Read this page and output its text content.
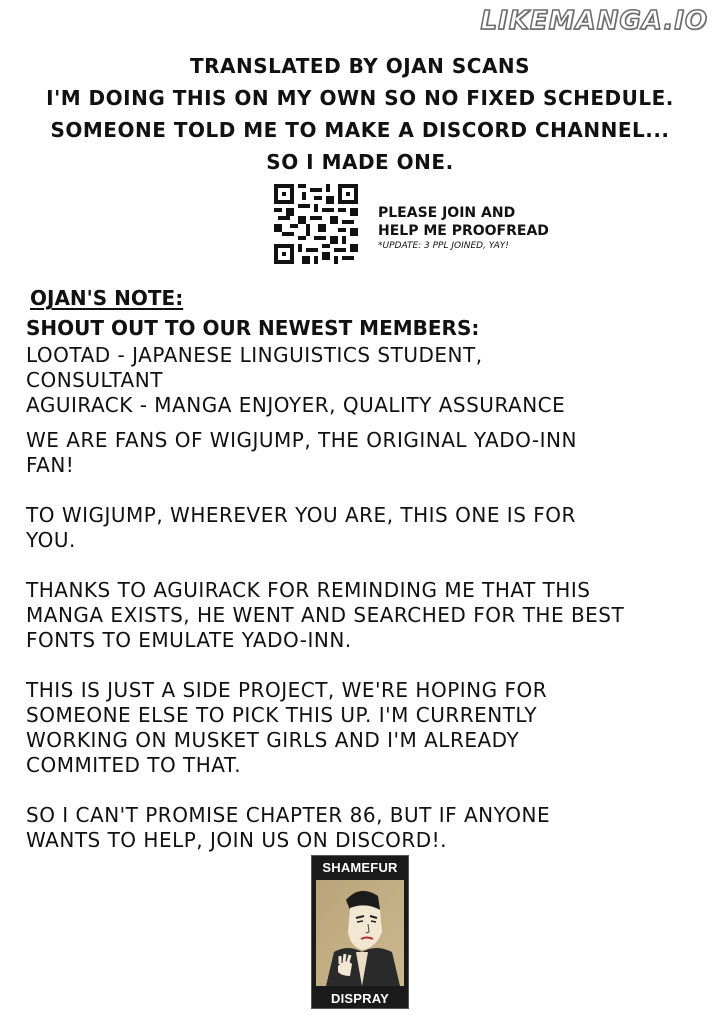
LIKEMANGA.IO
TRANSLATED BY OJAN SCANS
I'M DOING THIS ON MY OWN SO NO FIXED SCHEDULE.
SOMEONE TOLD ME TO MAKE A DISCORD CHANNEL...
SO I MADE ONE.
PLEASE JOIN AND
HELP ME PROOFREAD
*UPDATE: 3 PPL JOINED, YAY!
OJAN'S NOTE:
SHOUT OUT TO OUR NEWEST MEMBERS:
LOOTAD - JAPANESE LINGUISTICS STUDENT,
CONSULTANT
AGUIRACK - MANGA ENJOYER, QUALITY ASSURANCE
WE ARE FANS OF WIGJUMP, THE ORIGINAL YADO-INN
FAN!
TO WIGJUMP, WHEREVER YOU ARE, THIS ONE IS FOR
YOU.
THANKS TO AGUIRACK FOR REMINDING ME THAT THIS
MANGA EXISTS, HE WENT AND SEARCHED FOR THE BEST
FONTS TO EMULATE YADO-INN.
THIS IS JUST A SIDE PROJECT, WE'RE HOPING FOR
SOMEONE ELSE TO PICK THIS UP. I'M CURRENTLY
WORKING ON MUSKET GIRLS AND I'M ALREADY
COMMITED TO THAT.
SO I CAN'T PROMISE CHAPTER 86, BUT IF ANYONE
WANTS TO HELP, JOIN US ON DISCORD!.
SHAMEFUR
DISPRAY
